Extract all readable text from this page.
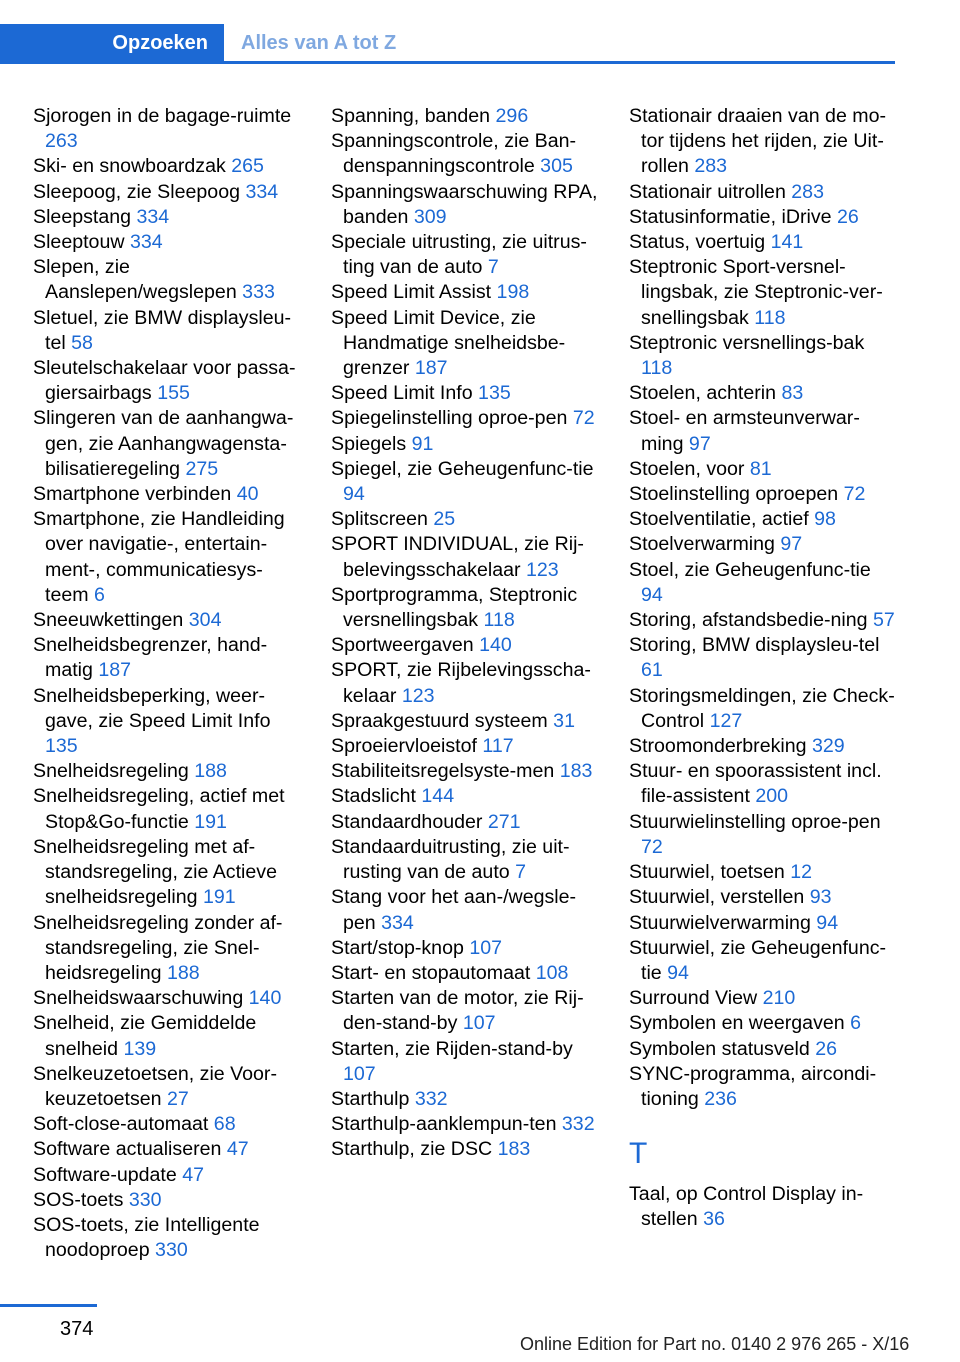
Opzoeken	Alles van A tot Z
Sjorogen in de bagage‐ruimte 263
Ski- en snowboardzak 265
Sleepoog, zie Sleepoog 334
Sleepstang 334
Sleeptouw 334
Slepen, zie Aanslepen/wegslepen 333
Sletuel, zie BMW displaysleu‐tel 58
Sleutelschakelaar voor passa‐giersairbags 155
Slingeren van de aanhangwa‐gen, zie Aanhangwagensta‐bilisatieregeling 275
Smartphone verbinden 40
Smartphone, zie Handleiding over navigatie-, entertain‐ment-, communicatiesys‐teem 6
Sneeuwkettingen 304
Snelheidsbegrenzer, hand‐matig 187
Snelheidsbeperking, weer‐gave, zie Speed Limit Info 135
Snelheidsregeling 188
Snelheidsregeling, actief met Stop&Go-functie 191
Snelheidsregeling met af‐standsregeling, zie Actieve snelheidsregeling 191
Snelheidsregeling zonder af‐standsregeling, zie Snel‐heidsregeling 188
Snelheidswaarschuwing 140
Snelheid, zie Gemiddelde snelheid 139
Snelkeuzetoetsen, zie Voor‐keuzetoetsen 27
Soft-close-automaat 68
Software actualiseren 47
Software-update 47
SOS-toets 330
SOS-toets, zie Intelligente noodoproep 330
Spanning, banden 296
Spanningscontrole, zie Ban‐denspanningscontrole 305
Spanningswaarschuwing RPA, banden 309
Speciale uitrusting, zie uitrus‐ting van de auto 7
Speed Limit Assist 198
Speed Limit Device, zie Handmatige snelheidsbe‐grenzer 187
Speed Limit Info 135
Spiegelinstelling oproe‐pen 72
Spiegels 91
Spiegel, zie Geheugenfunc‐tie 94
Splitscreen 25
SPORT INDIVIDUAL, zie Rij‐belevingsschakelaar 123
Sportprogramma, Steptronic versnellingsbak 118
Sportweergaven 140
SPORT, zie Rijbelevingsscha‐kelaar 123
Spraakgestuurd systeem 31
Sproeiervloeistof 117
Stabiliteitsregelsyste‐men 183
Stadslicht 144
Standaardhouder 271
Standaarduitrusting, zie uit‐rusting van de auto 7
Stang voor het aan-/wegsle‐pen 334
Start/stop-knop 107
Start- en stopautomaat 108
Starten van de motor, zie Rij‐den-stand-by 107
Starten, zie Rijden-stand-by 107
Starthulp 332
Starthulp-aanklempun‐ten 332
Starthulp, zie DSC 183
Stationair draaien van de mo‐tor tijdens het rijden, zie Uit‐rollen 283
Stationair uitrollen 283
Statusinformatie, iDrive 26
Status, voertuig 141
Steptronic Sport-versnel‐lingsbak, zie Steptronic-ver‐snellingsbak 118
Steptronic versnellings‐bak 118
Stoelen, achterin 83
Stoel- en armsteunverwar‐ming 97
Stoelen, voor 81
Stoelinstelling oproepen 72
Stoelventilatie, actief 98
Stoelverwarming 97
Stoel, zie Geheugenfunc‐tie 94
Storing, afstandsbedie‐ning 57
Storing, BMW displaysleu‐tel 61
Storingsmeldingen, zie Check-Control 127
Stroomonderbreking 329
Stuur- en spoorassistent incl. file-assistent 200
Stuurwielinstelling oproe‐pen 72
Stuurwiel, toetsen 12
Stuurwiel, verstellen 93
Stuurwielverwarming 94
Stuurwiel, zie Geheugenfunc‐tie 94
Surround View 210
Symbolen en weergaven 6
Symbolen statusveld 26
SYNC-programma, aircondi‐tioning 236
T
Taal, op Control Display in‐stellen 36
374
Online Edition for Part no. 0140 2 976 265 - X/16
